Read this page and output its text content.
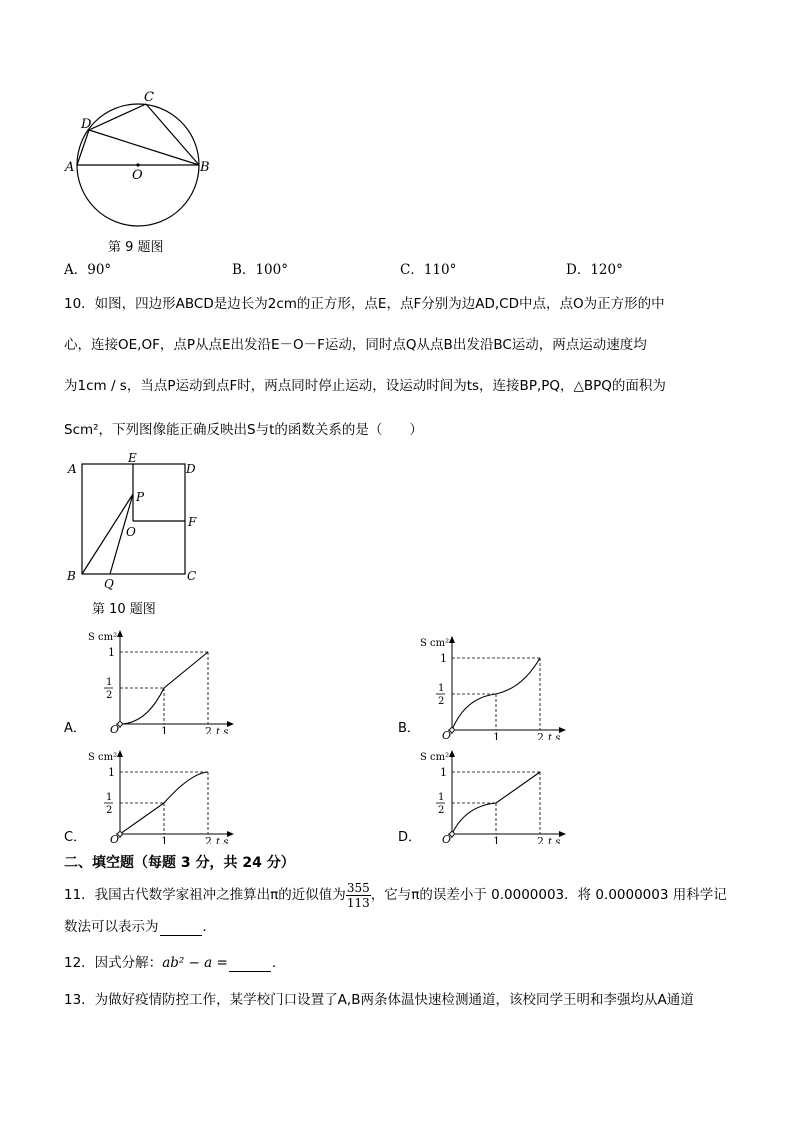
A	B
C
D
O
第 9 题图
A．90°	B．100°	C．110°	D．120°
10．如图，四边形ABCD是边长为2cm的正方形，点E，点F分别为边AD,CD中点，点O为正方形的中
心，连接OE,OF，点P从点E出发沿E－O－F运动，同时点Q从点B出发沿BC运动，两点运动速度均
为1cm / s，当点P运动到点F时，两点同时停止运动，设运动时间为ts，连接BP,PQ，△BPQ的面积为
Scm²，下列图像能正确反映出S与t的函数关系的是（　　）
A
E
D
P
O
F
B
Q
C
第 10 题图
A．	B．
C．	D．
S cm²
1
1
2
O	1	2 t s
S cm²
1
1
2
O	1	2 t s
S cm²
1
1
2
O	1	2 t s
S cm²
1
1
2
O	1	2 t s
二、填空题（每题 3 分，共 24 分）
11．我国古代数学家祖冲之推算出π的近似值为 $\frac{355}{113}$ ，它与π的误差小于 0.0000003．将 0.0000003 用科学记
数法可以表示为	．
12．因式分解：ab² − a =	．
13．为做好疫情防控工作，某学校门口设置了A,B两条体温快速检测通道，该校同学王明和李强均从A通道
